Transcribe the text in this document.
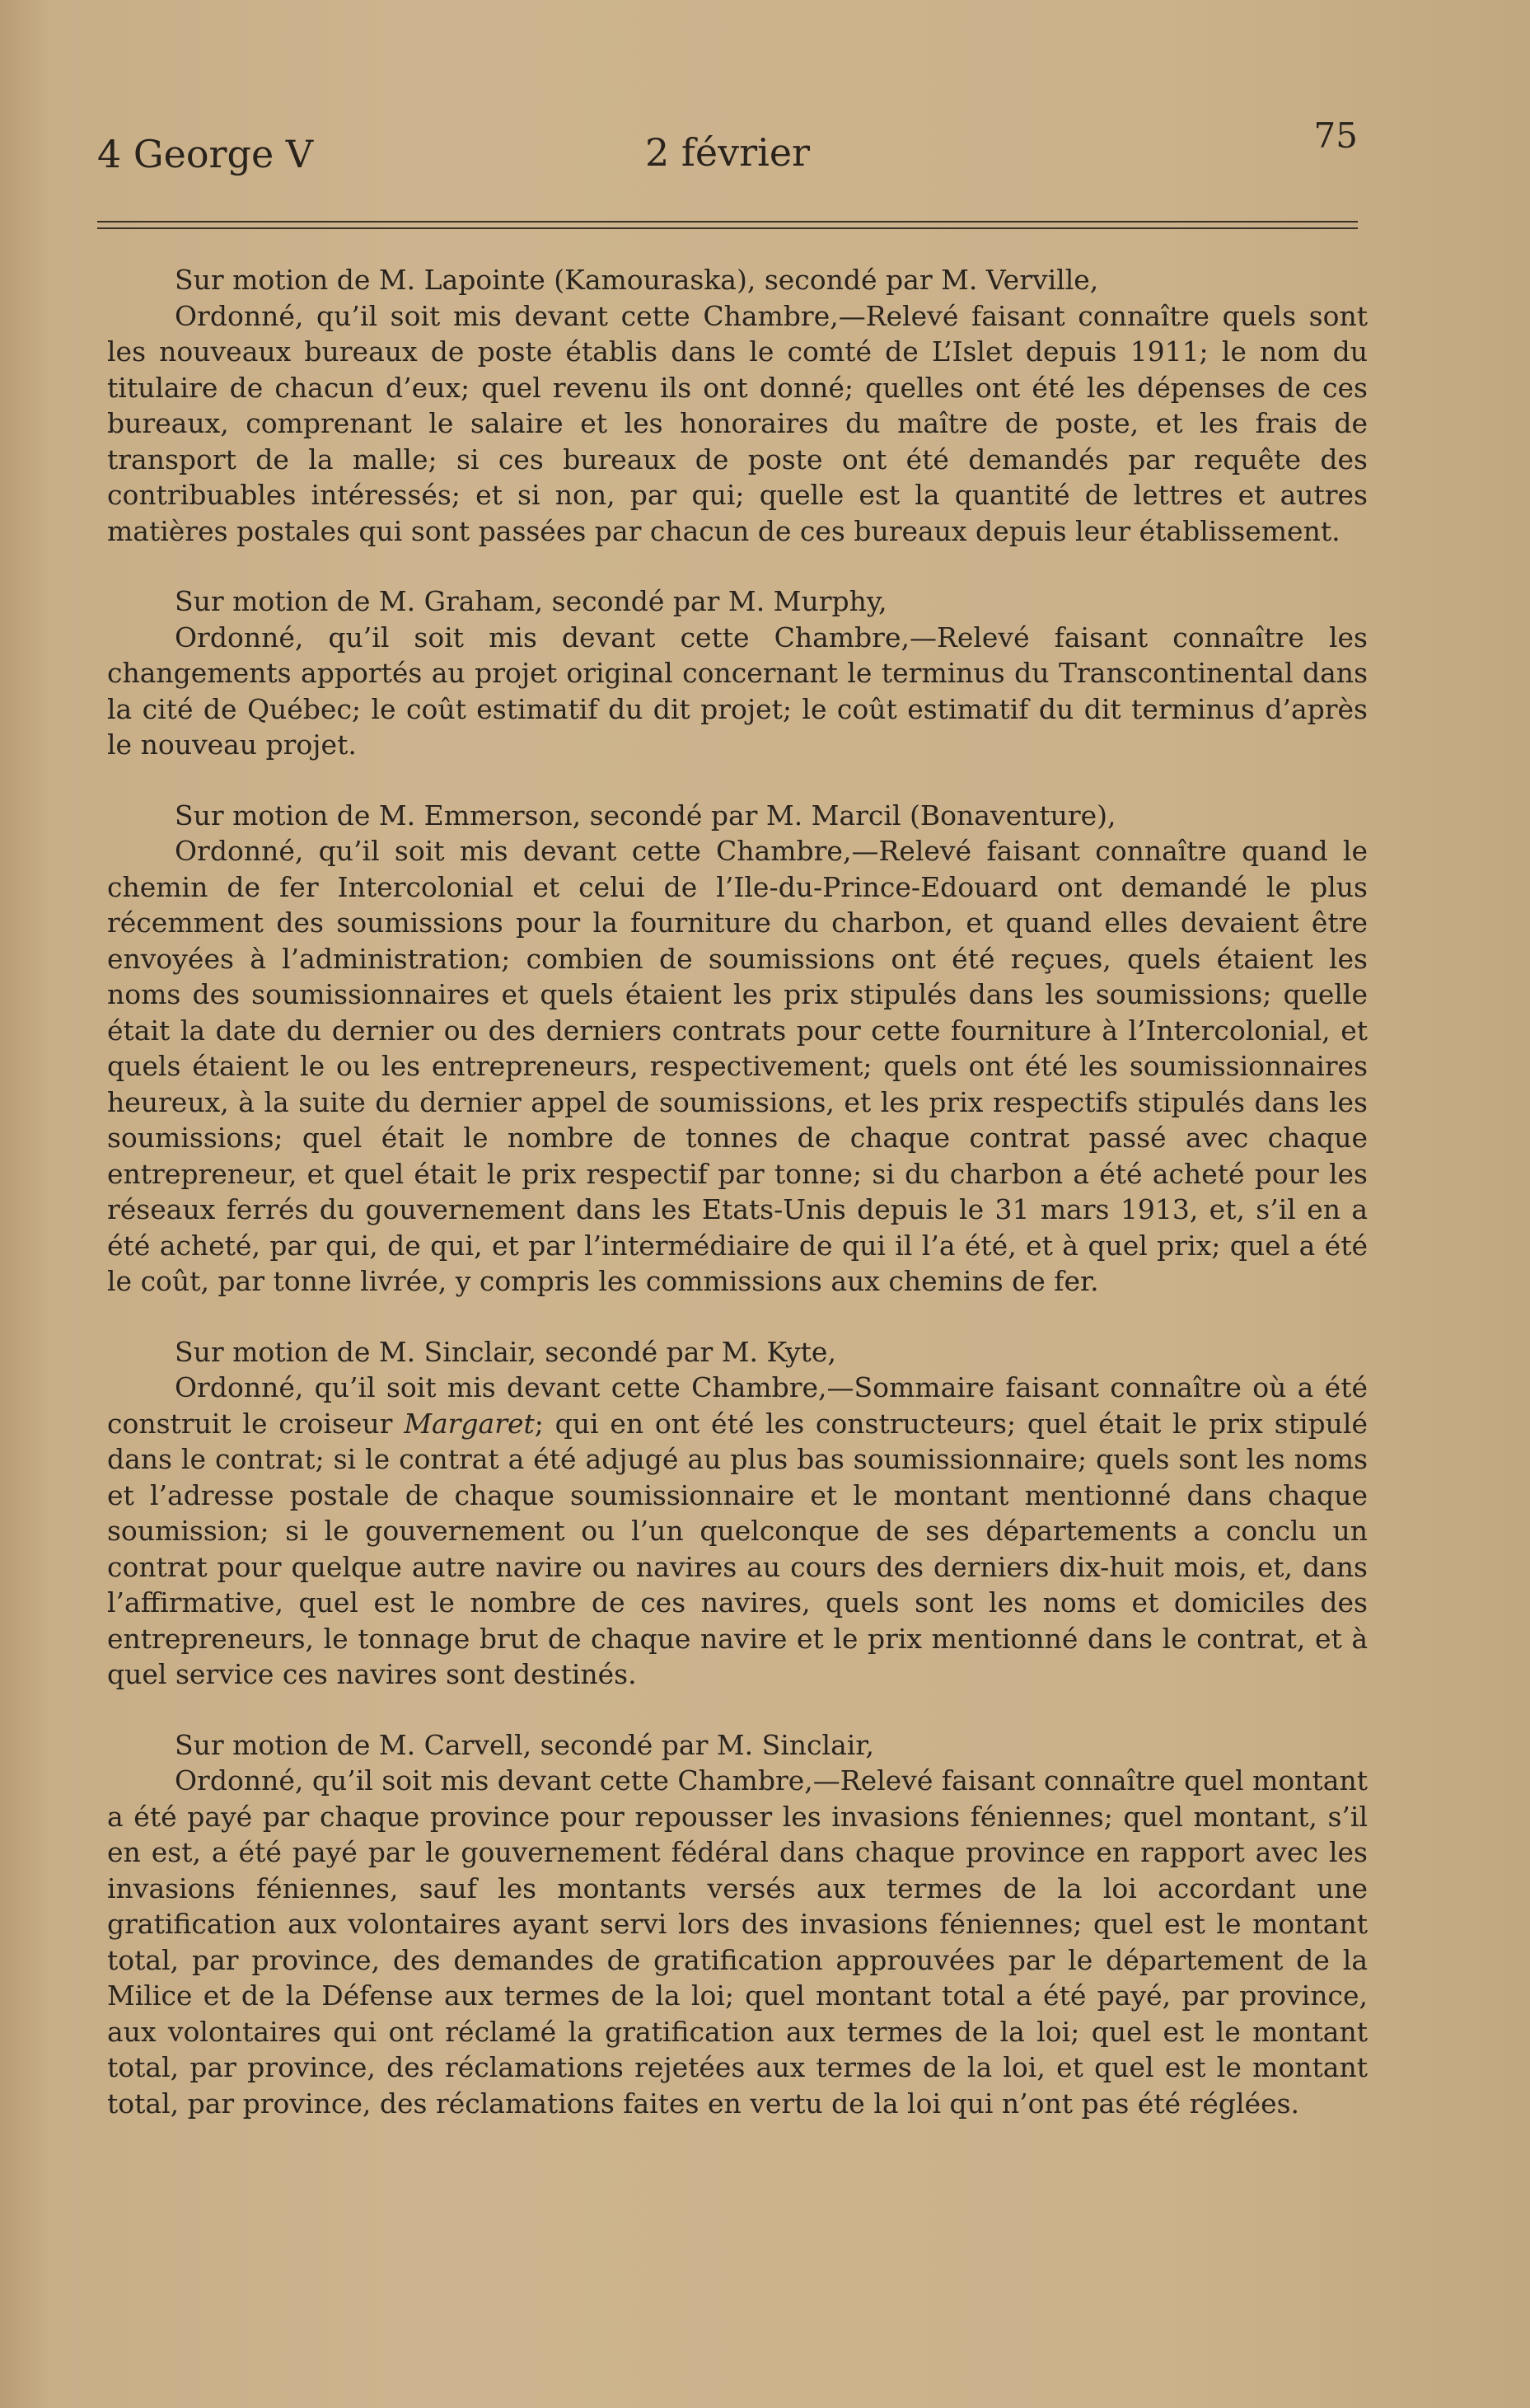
4 George V	2 février	75

Sur motion de M. Lapointe (Kamouraska), secondé par M. Verville,

Ordonné, qu’il soit mis devant cette Chambre,—Relevé faisant connaître quels sont les nouveaux bureaux de poste établis dans le comté de L’Islet depuis 1911; le nom du titulaire de chacun d’eux; quel revenu ils ont donné; quelles ont été les dépenses de ces bureaux, comprenant le salaire et les honoraires du maître de poste, et les frais de transport de la malle; si ces bureaux de poste ont été demandés par requête des contribuables intéressés; et si non, par qui; quelle est la quantité de lettres et autres matières postales qui sont passées par chacun de ces bureaux depuis leur établissement.

Sur motion de M. Graham, secondé par M. Murphy,

Ordonné, qu’il soit mis devant cette Chambre,—Relevé faisant connaître les changements apportés au projet original concernant le terminus du Transcontinental dans la cité de Québec; le coût estimatif du dit projet; le coût estimatif du dit terminus d’après le nouveau projet.

Sur motion de M. Emmerson, secondé par M. Marcil (Bonaventure),

Ordonné, qu’il soit mis devant cette Chambre,—Relevé faisant connaître quand le chemin de fer Intercolonial et celui de l’Ile-du-Prince-Edouard ont demandé le plus récemment des soumissions pour la fourniture du charbon, et quand elles devaient être envoyées à l’administration; combien de soumissions ont été reçues, quels étaient les noms des soumissionnaires et quels étaient les prix stipulés dans les soumissions; quelle était la date du dernier ou des derniers contrats pour cette fourniture à l’Intercolonial, et quels étaient le ou les entrepreneurs, respectivement; quels ont été les soumissionnaires heureux, à la suite du dernier appel de soumissions, et les prix respectifs stipulés dans les soumissions; quel était le nombre de tonnes de chaque contrat passé avec chaque entrepreneur, et quel était le prix respectif par tonne; si du charbon a été acheté pour les réseaux ferrés du gouvernement dans les Etats-Unis depuis le 31 mars 1913, et, s’il en a été acheté, par qui, de qui, et par l’intermédiaire de qui il l’a été, et à quel prix; quel a été le coût, par tonne livrée, y compris les commissions aux chemins de fer.

Sur motion de M. Sinclair, secondé par M. Kyte,

Ordonné, qu’il soit mis devant cette Chambre,—Sommaire faisant connaître où a été construit le croiseur Margaret; qui en ont été les constructeurs; quel était le prix stipulé dans le contrat; si le contrat a été adjugé au plus bas soumissionnaire; quels sont les noms et l’adresse postale de chaque soumissionnaire et le montant mentionné dans chaque soumission; si le gouvernement ou l’un quelconque de ses départements a conclu un contrat pour quelque autre navire ou navires au cours des derniers dix-huit mois, et, dans l’affirmative, quel est le nombre de ces navires, quels sont les noms et domiciles des entrepreneurs, le tonnage brut de chaque navire et le prix mentionné dans le contrat, et à quel service ces navires sont destinés.

Sur motion de M. Carvell, secondé par M. Sinclair,

Ordonné, qu’il soit mis devant cette Chambre,—Relevé faisant connaître quel montant a été payé par chaque province pour repousser les invasions féniennes; quel montant, s’il en est, a été payé par le gouvernement fédéral dans chaque province en rapport avec les invasions féniennes, sauf les montants versés aux termes de la loi accordant une gratification aux volontaires ayant servi lors des invasions féniennes; quel est le montant total, par province, des demandes de gratification approuvées par le département de la Milice et de la Défense aux termes de la loi; quel montant total a été payé, par province, aux volontaires qui ont réclamé la gratification aux termes de la loi; quel est le montant total, par province, des réclamations rejetées aux termes de la loi, et quel est le montant total, par province, des réclamations faites en vertu de la loi qui n’ont pas été réglées.
